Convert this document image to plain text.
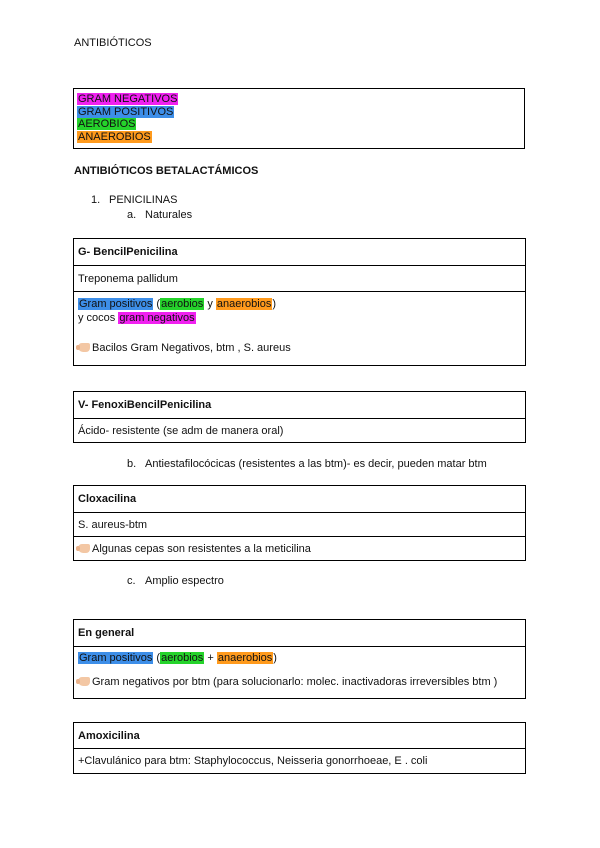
ANTIBIÓTICOS
GRAM NEGATIVOS
GRAM POSITIVOS
AEROBIOS
ANAEROBIOS
ANTIBIÓTICOS BETALACTÁMICOS
1. PENICILINAS
a. Naturales
G- BencilPenicilina
Treponema pallidum
Gram positivos (aerobios y anaerobios)
y cocos gram negativos
Bacilos Gram Negativos, btm , S. aureus
V- FenoxiBencilPenicilina
Ácido- resistente (se adm de manera oral)
b. Antiestafilocócicas (resistentes a las btm)- es decir, pueden matar btm
Cloxacilina
S. aureus-btm
Algunas cepas son resistentes a la meticilina
c. Amplio espectro
En general
Gram positivos (aerobios + anaerobios)
Gram negativos por btm (para solucionarlo: molec. inactivadoras irreversibles btm )
Amoxicilina
+Clavulánico para btm: Staphylococcus, Neisseria gonorrhoeae, E . coli
